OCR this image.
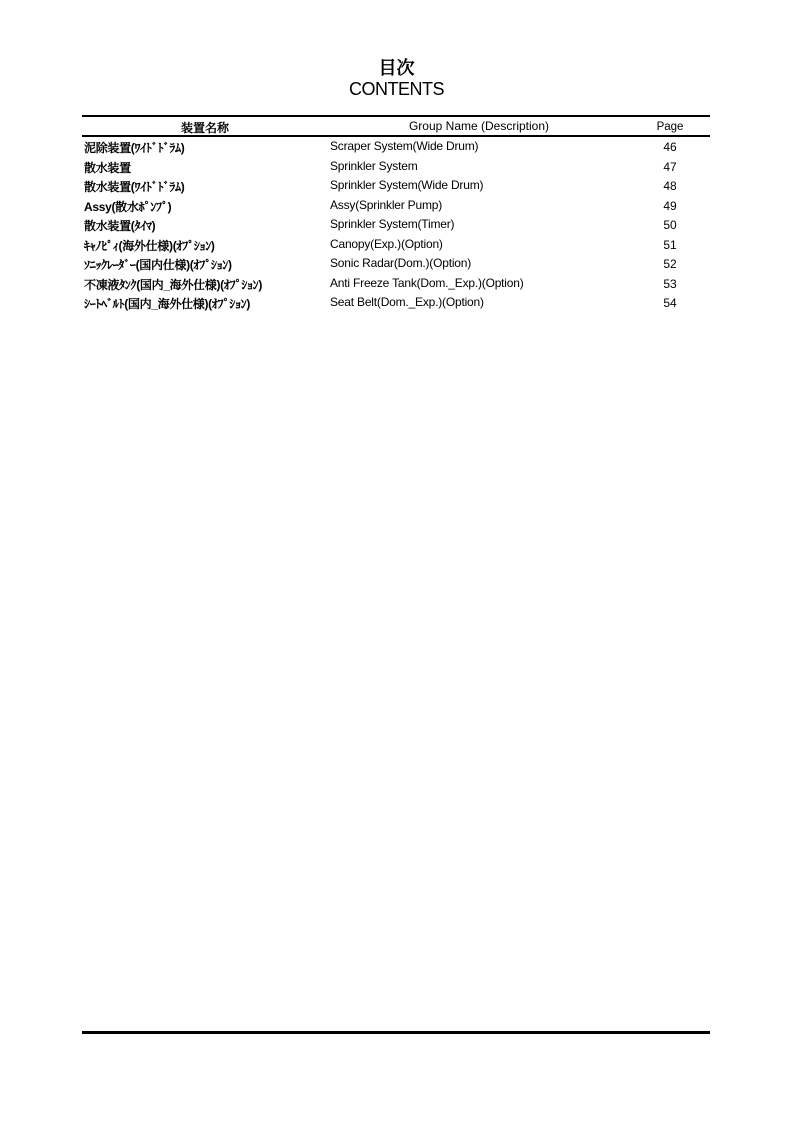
目次
CONTENTS
装置名称	Group Name (Description)	Page
泥除装置(ﾜｲﾄﾞﾄﾞﾗﾑ)	Scraper System(Wide Drum)	46
散水装置	Sprinkler System	47
散水装置(ﾜｲﾄﾞﾄﾞﾗﾑ)	Sprinkler System(Wide Drum)	48
Assy(散水ﾎﾟﾝﾌﾟ)	Assy(Sprinkler Pump)	49
散水装置(ﾀｲﾏ)	Sprinkler System(Timer)	50
ｷｬﾉﾋﾟｨ(海外仕様)(ｵﾌﾟｼｮﾝ)	Canopy(Exp.)(Option)	51
ｿﾆｯｸﾚｰﾀﾞｰ(国内仕様)(ｵﾌﾟｼｮﾝ)	Sonic Radar(Dom.)(Option)	52
不凍液ﾀﾝｸ(国内_海外仕様)(ｵﾌﾟｼｮﾝ)	Anti Freeze Tank(Dom._Exp.)(Option)	53
ｼｰﾄﾍﾞﾙﾄ(国内_海外仕様)(ｵﾌﾟｼｮﾝ)	Seat Belt(Dom._Exp.)(Option)	54
